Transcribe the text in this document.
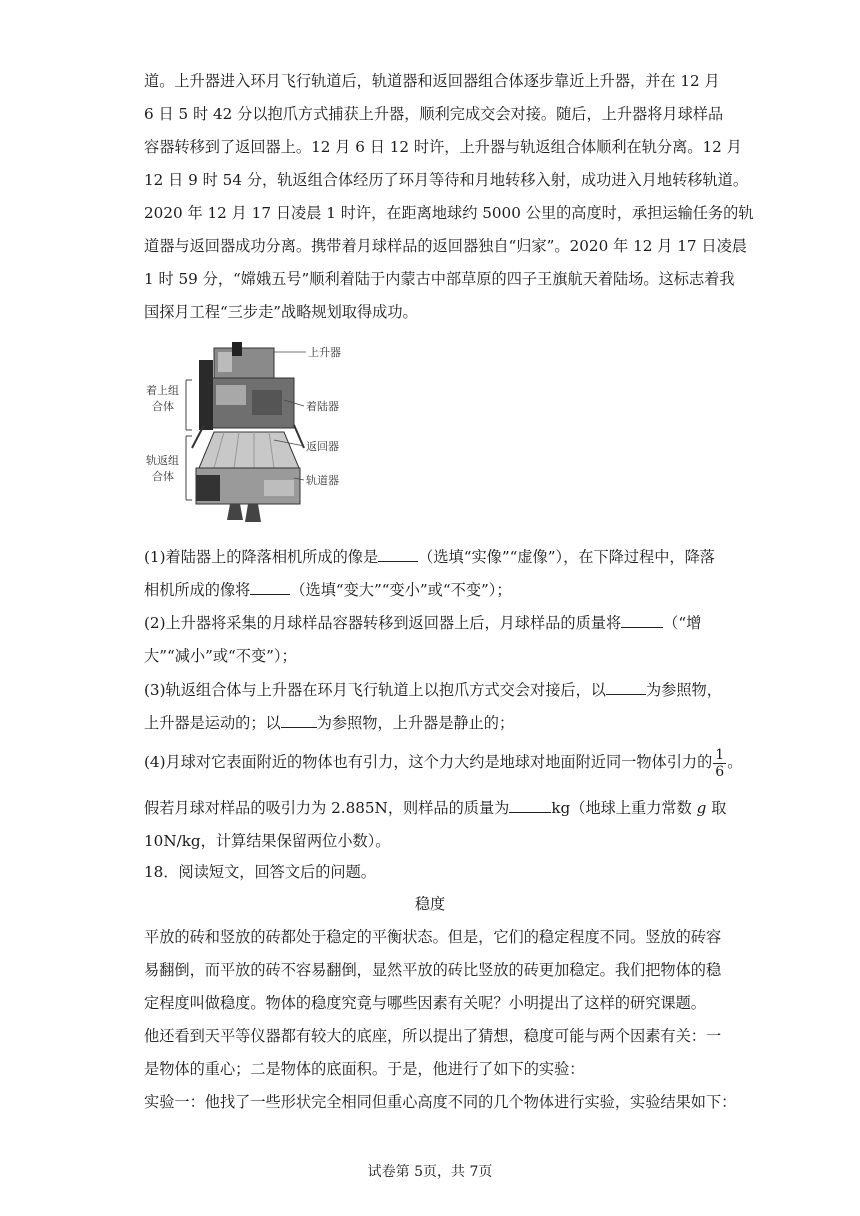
道。上升器进入环月飞行轨道后，轨道器和返回器组合体逐步靠近上升器，并在 12 月
6 日 5 时 42 分以抱爪方式捕获上升器，顺利完成交会对接。随后，上升器将月球样品
容器转移到了返回器上。12 月 6 日 12 时许，上升器与轨返组合体顺利在轨分离。12 月
12 日 9 时 54 分，轨返组合体经历了环月等待和月地转移入射，成功进入月地转移轨道。
2020 年 12 月 17 日凌晨 1 时许，在距离地球约 5000 公里的高度时，承担运输任务的轨
道器与返回器成功分离。携带着月球样品的返回器独自“归家”。2020 年 12 月 17 日凌晨
1 时 59 分，“嫦娥五号”顺利着陆于内蒙古中部草原的四子王旗航天着陆场。这标志着我
国探月工程“三步走”战略规划取得成功。
着上组
合体
轨返组
合体
上升器
着陆器
返回器
轨道器
(1)着陆器上的降落相机所成的像是	（选填“实像”“虚像”），在下降过程中，降落
相机所成的像将	（选填“变大”“变小”或“不变”）；
(2)上升器将采集的月球样品容器转移到返回器上后，月球样品的质量将	（“增
大”“减小”或“不变”）；
(3)轨返组合体与上升器在环月飞行轨道上以抱爪方式交会对接后，以	为参照物，
上升器是运动的；以 为参照物，上升器是静止的；
(4)月球对它表面附近的物体也有引力，这个力大约是地球对地面附近同一物体引力的 $\frac{1}{6}$ 。
假若月球对样品的吸引力为 2.885N，则样品的质量为	kg（地球上重力常数 g 取
10N/kg，计算结果保留两位小数）。
18．阅读短文，回答文后的问题。
稳度
平放的砖和竖放的砖都处于稳定的平衡状态。但是，它们的稳定程度不同。竖放的砖容
易翻倒，而平放的砖不容易翻倒，显然平放的砖比竖放的砖更加稳定。我们把物体的稳
定程度叫做稳度。物体的稳度究竟与哪些因素有关呢？小明提出了这样的研究课题。
他还看到天平等仪器都有较大的底座，所以提出了猜想，稳度可能与两个因素有关：一
是物体的重心；二是物体的底面积。于是，他进行了如下的实验：
实验一：他找了一些形状完全相同但重心高度不同的几个物体进行实验，实验结果如下：
试卷第 5页，共 7页
